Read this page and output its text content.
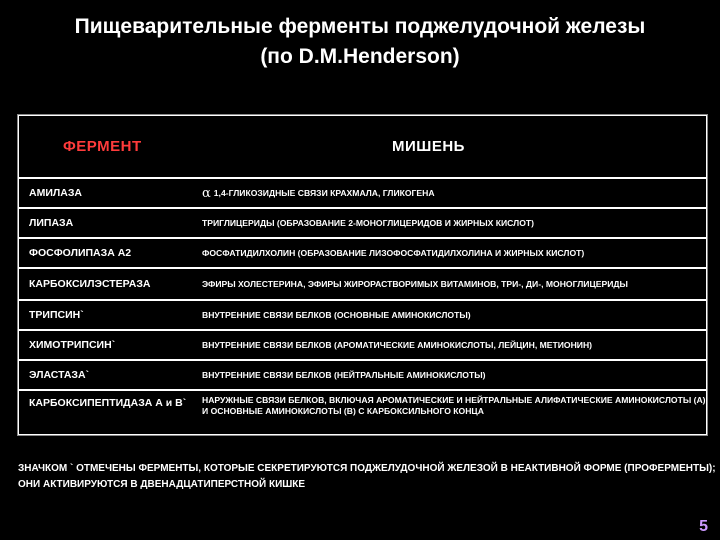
Пищеварительные ферменты поджелудочной железы
(по D.M.Henderson)
ФЕРМЕНТ	МИШЕНЬ
АМИЛАЗА	α 1,4-ГЛИКОЗИДНЫЕ СВЯЗИ КРАХМАЛА, ГЛИКОГЕНА
ЛИПАЗА	ТРИГЛИЦЕРИДЫ (ОБРАЗОВАНИЕ 2-МОНОГЛИЦЕРИДОВ И ЖИРНЫХ КИСЛОТ)
ФОСФОЛИПАЗА А2	ФОСФАТИДИЛХОЛИН (ОБРАЗОВАНИЕ ЛИЗОФОСФАТИДИЛХОЛИНА И ЖИРНЫХ КИСЛОТ)
КАРБОКСИЛЭСТЕРАЗА	ЭФИРЫ ХОЛЕСТЕРИНА, ЭФИРЫ ЖИРОРАСТВОРИМЫХ ВИТАМИНОВ, ТРИ-, ДИ-, МОНОГЛИЦЕРИДЫ
ТРИПСИН`	ВНУТРЕННИЕ СВЯЗИ БЕЛКОВ (ОСНОВНЫЕ АМИНОКИСЛОТЫ)
ХИМОТРИПСИН`	ВНУТРЕННИЕ СВЯЗИ БЕЛКОВ (АРОМАТИЧЕСКИЕ АМИНОКИСЛОТЫ, ЛЕЙЦИН, МЕТИОНИН)
ЭЛАСТАЗА`	ВНУТРЕННИЕ СВЯЗИ БЕЛКОВ (НЕЙТРАЛЬНЫЕ АМИНОКИСЛОТЫ)
КАРБОКСИПЕПТИДАЗА А и В`	НАРУЖНЫЕ СВЯЗИ БЕЛКОВ, ВКЛЮЧАЯ АРОМАТИЧЕСКИЕ И НЕЙТРАЛЬНЫЕ АЛИФАТИЧЕСКИЕ АМИНОКИСЛОТЫ (А) И ОСНОВНЫЕ АМИНОКИСЛОТЫ (В) С КАРБОКСИЛЬНОГО КОНЦА
ЗНАЧКОМ ` ОТМЕЧЕНЫ ФЕРМЕНТЫ, КОТОРЫЕ СЕКРЕТИРУЮТСЯ ПОДЖЕЛУДОЧНОЙ ЖЕЛЕЗОЙ В НЕАКТИВНОЙ ФОРМЕ (ПРОФЕРМЕНТЫ); ОНИ АКТИВИРУЮТСЯ В ДВЕНАДЦАТИПЕРСТНОЙ КИШКЕ
5
